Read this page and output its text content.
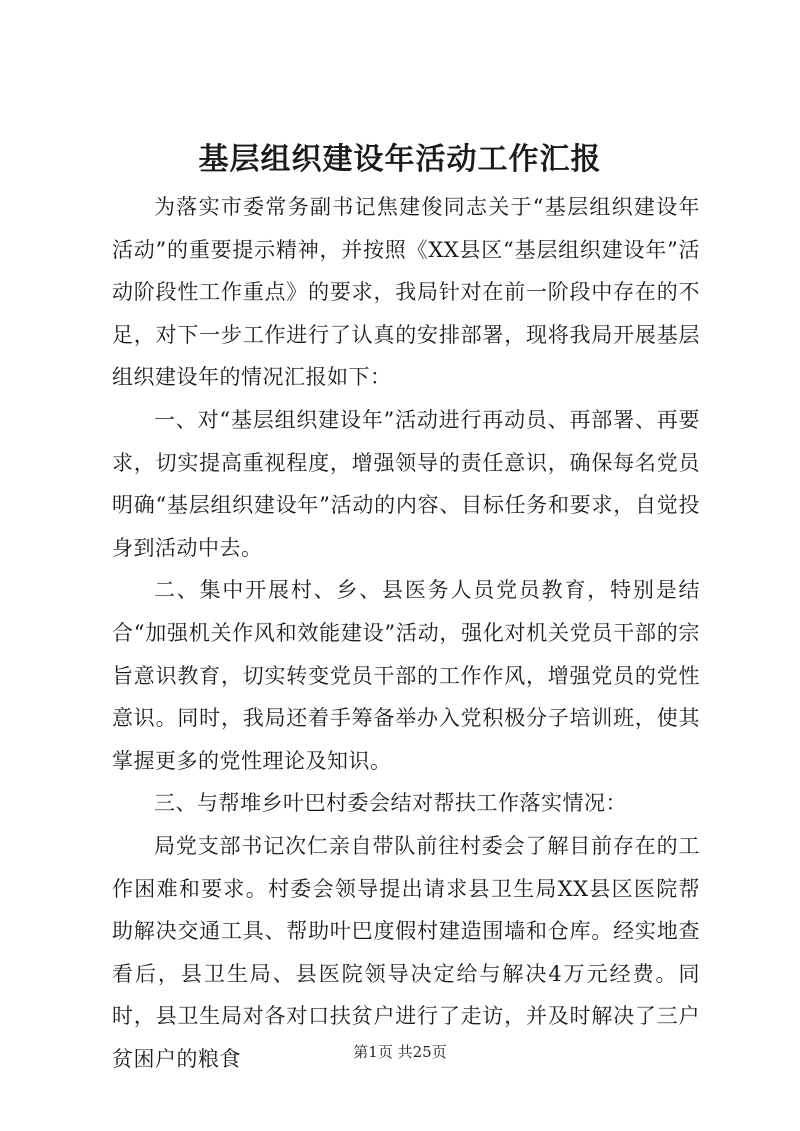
基层组织建设年活动工作汇报

为落实市委常务副书记焦建俊同志关于“基层组织建设年活动”的重要提示精神，并按照《XX县区“基层组织建设年”活动阶段性工作重点》的要求，我局针对在前一阶段中存在的不足，对下一步工作进行了认真的安排部署，现将我局开展基层组织建设年的情况汇报如下：

一、对“基层组织建设年”活动进行再动员、再部署、再要求，切实提高重视程度，增强领导的责任意识，确保每名党员明确“基层组织建设年”活动的内容、目标任务和要求，自觉投身到活动中去。

二、集中开展村、乡、县医务人员党员教育，特别是结合“加强机关作风和效能建设”活动，强化对机关党员干部的宗旨意识教育，切实转变党员干部的工作作风，增强党员的党性意识。同时，我局还着手筹备举办入党积极分子培训班，使其掌握更多的党性理论及知识。

三、与帮堆乡叶巴村委会结对帮扶工作落实情况：

局党支部书记次仁亲自带队前往村委会了解目前存在的工作困难和要求。村委会领导提出请求县卫生局XX县区医院帮助解决交通工具、帮助叶巴度假村建造围墙和仓库。经实地查看后，县卫生局、县医院领导决定给与解决4万元经费。同时，县卫生局对各对口扶贫户进行了走访，并及时解决了三户贫困户的粮食	第1页 共25页
